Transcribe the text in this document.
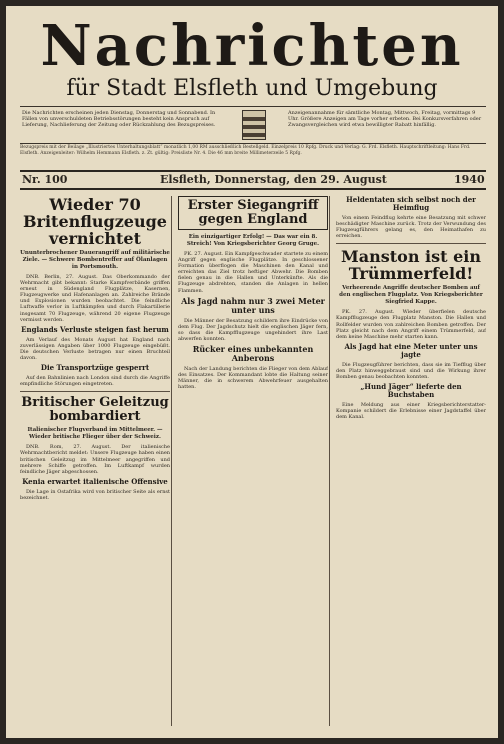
Nachrichten
für Stadt Elsfleth und Umgebung
Die Nachrichten erscheinen jeden Dienstag, Donnerstag und Sonnabend. In Fällen von unverschuldeten Betriebsstörungen besteht kein Anspruch auf Lieferung, Nachlieferung der Zeitung oder Rückzahlung des Bezugspreises.
Anzeigenannahme für sämtliche Montag, Mittwoch, Freitag, vormittags 9 Uhr. Größere Anzeigen am Tage vorher erbeten. Bei Konkursverfahren oder Zwangsvergleichen wird etwa bewilligter Rabatt hinfällig.
Bezugspreis mit der Beilage „Illustriertes Unterhaltungsblatt“ monatlich 1,00 RM ausschließlich Bestellgeld. Einzelpreis 10 Rpfg. Druck und Verlag: G. Frd. Elsfleth. Hauptschriftleitung: Hans Frd. Elsfleth. Anzeigenleiter: Wilhelm Hemmann Elsfleth. z. Zt. gültig: Preisliste Nr. 4. Die 46 mm breite Millimeterzeile 5 Rpfg.
Nr. 100	Elsfleth, Donnerstag, den 29. August	1940
Wieder 70 Britenflugzeuge vernichtet
Ununterbrochener Dauerangriff auf militärische Ziele. — Schwere Bombentreffer auf Ölanlagen in Portsmouth.
DNB. Berlin, 27. August. Das Oberkommando der Wehrmacht gibt bekannt: Starke Kampfverbände griffen erneut in Südengland Flugplätze, Kasernen, Flugzeugwerke und Hafenanlagen an. Zahlreiche Brände und Explosionen wurden beobachtet. Die feindliche Luftwaffe verlor in Luftkämpfen und durch Flakartillerie insgesamt 70 Flugzeuge, während 20 eigene Flugzeuge vermisst werden.
Englands Verluste steigen fast herum
Am Verlauf des Monats August hat England nach zuverlässigen Angaben über 1000 Flugzeuge eingebüßt. Die deutschen Verluste betragen nur einen Bruchteil davon.
Die Transportzüge gesperrt
Auf den Bahnlinien nach London sind durch die Angriffe empfindliche Störungen eingetreten.
Britischer Geleitzug bombardiert
Italienischer Flugverband im Mittelmeer. — Wieder britische Flieger über der Schweiz.
DNB. Rom, 27. August. Der italienische Wehrmachtbericht meldet: Unsere Flugzeuge haben einen britischen Geleitzug im Mittelmeer angegriffen und mehrere Schiffe getroffen. Im Luftkampf wurden feindliche Jäger abgeschossen.
Kenia erwartet italienische Offensive
Die Lage in Ostafrika wird von britischer Seite als ernst bezeichnet.
Erster Siegangriff gegen England
Ein einzigartiger Erfolg! — Das war ein 8. Streich! Von Kriegsberichter Georg Gruge.
PK. 27. August. Ein Kampfgeschwader startete zu einem Angriff gegen englische Flugplätze. In geschlossener Formation überflogen die Maschinen den Kanal und erreichten das Ziel trotz heftiger Abwehr. Die Bomben fielen genau in die Hallen und Unterkünfte. Als die Flugzeuge abdrehten, standen die Anlagen in hellen Flammen.
Als Jagd nahm nur 3 zwei Meter unter uns
Die Männer der Besatzung schildern ihre Eindrücke von dem Flug. Der Jagdschutz hielt die englischen Jäger fern, so dass die Kampfflugzeuge ungehindert ihre Last abwerfen konnten.
Rücker eines unbekannten Anberons
Nach der Landung berichten die Flieger von dem Ablauf des Einsatzes. Der Kommandant lobte die Haltung seiner Männer, die in schwerem Abwehrfeuer ausgehalten hatten.
Heldentaten sich selbst noch der Heimflug
Von einem Feindflug kehrte eine Besatzung mit schwer beschädigter Maschine zurück. Trotz der Verwundung des Flugzeugführers gelang es, den Heimathafen zu erreichen.
Manston ist ein Trümmerfeld!
Verheerende Angriffe deutscher Bomben auf den englischen Flugplatz. Von Kriegsberichter Siegfried Kappe.
PK. 27. August. Wieder überfielen deutsche Kampfflugzeuge den Flugplatz Manston. Die Hallen und Rollfelder wurden von zahlreichen Bomben getroffen. Der Platz gleicht nach dem Angriff einem Trümmerfeld, auf dem keine Maschine mehr starten kann.
Als Jagd hat eine Meter unter uns jagte
Die Flugzeugführer berichten, dass sie im Tiefflug über den Platz hinweggebraust sind und die Wirkung ihrer Bomben genau beobachten konnten.
„Hund Jäger“ lieferte den Buchstaben
Eine Meldung aus einer Kriegsberichterstatter-Kompanie schildert die Erlebnisse einer Jagdstaffel über dem Kanal.
